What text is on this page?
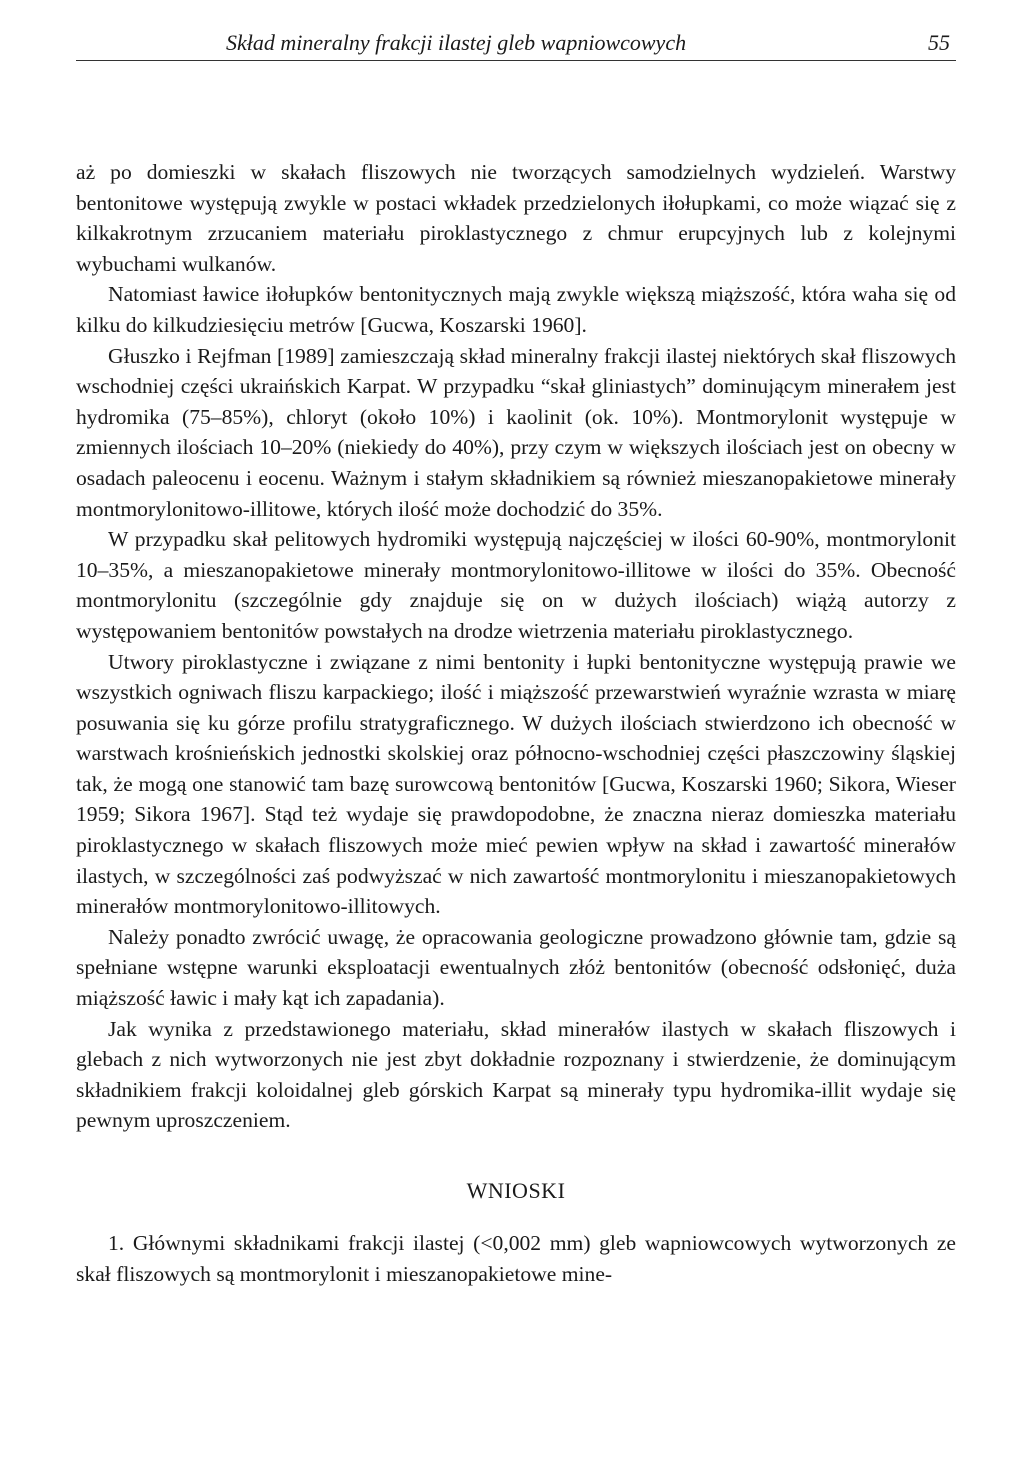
Skład mineralny frakcji ilastej gleb wapniowcowych	55

aż po domieszki w skałach fliszowych nie tworzących samodzielnych wydzieleń. Warstwy bentonitowe występują zwykle w postaci wkładek przedzielonych iłołupkami, co może wiązać się z kilkakrotnym zrzucaniem materiału piroklastycznego z chmur erupcyjnych lub z kolejnymi wybuchami wulkanów.

Natomiast ławice iłołupków bentonitycznych mają zwykle większą miąższość, która waha się od kilku do kilkudziesięciu metrów [Gucwa, Koszarski 1960].

Głuszko i Rejfman [1989] zamieszczają skład mineralny frakcji ilastej niektórych skał fliszowych wschodniej części ukraińskich Karpat. W przypadku “skał gliniastych” dominującym minerałem jest hydromika (75–85%), chloryt (około 10%) i kaolinit (ok. 10%). Montmorylonit występuje w zmiennych ilościach 10–20% (niekiedy do 40%), przy czym w większych ilościach jest on obecny w osadach paleocenu i eocenu. Ważnym i stałym składnikiem są również mieszanopakietowe minerały montmorylonitowo-illitowe, których ilość może dochodzić do 35%.

W przypadku skał pelitowych hydromiki występują najczęściej w ilości 60-90%, montmorylonit 10–35%, a mieszanopakietowe minerały montmorylonitowo-illitowe w ilości do 35%. Obecność montmorylonitu (szczególnie gdy znajduje się on w dużych ilościach) wiążą autorzy z występowaniem bentonitów powstałych na drodze wietrzenia materiału piroklastycznego.

Utwory piroklastyczne i związane z nimi bentonity i łupki bentonityczne występują prawie we wszystkich ogniwach fliszu karpackiego; ilość i miąższość przewarstwień wyraźnie wzrasta w miarę posuwania się ku górze profilu stratygraficznego. W dużych ilościach stwierdzono ich obecność w warstwach krośnieńskich jednostki skolskiej oraz północno-wschodniej części płaszczowiny śląskiej tak, że mogą one stanowić tam bazę surowcową bentonitów [Gucwa, Koszarski 1960; Sikora, Wieser 1959; Sikora 1967]. Stąd też wydaje się prawdopodobne, że znaczna nieraz domieszka materiału piroklastycznego w skałach fliszowych może mieć pewien wpływ na skład i zawartość minerałów ilastych, w szczególności zaś podwyższać w nich zawartość montmorylonitu i mieszanopakietowych minerałów montmorylonitowo-illitowych.

Należy ponadto zwrócić uwagę, że opracowania geologiczne prowadzono głównie tam, gdzie są spełniane wstępne warunki eksploatacji ewentualnych złóż bentonitów (obecność odsłonięć, duża miąższość ławic i mały kąt ich zapadania).

Jak wynika z przedstawionego materiału, skład minerałów ilastych w skałach fliszowych i glebach z nich wytworzonych nie jest zbyt dokładnie rozpoznany i stwierdzenie, że dominującym składnikiem frakcji koloidalnej gleb górskich Karpat są minerały typu hydromika-illit wydaje się pewnym uproszczeniem.

WNIOSKI

1. Głównymi składnikami frakcji ilastej (<0,002 mm) gleb wapniowcowych wytworzonych ze skał fliszowych są montmorylonit i mieszanopakietowe mine-
